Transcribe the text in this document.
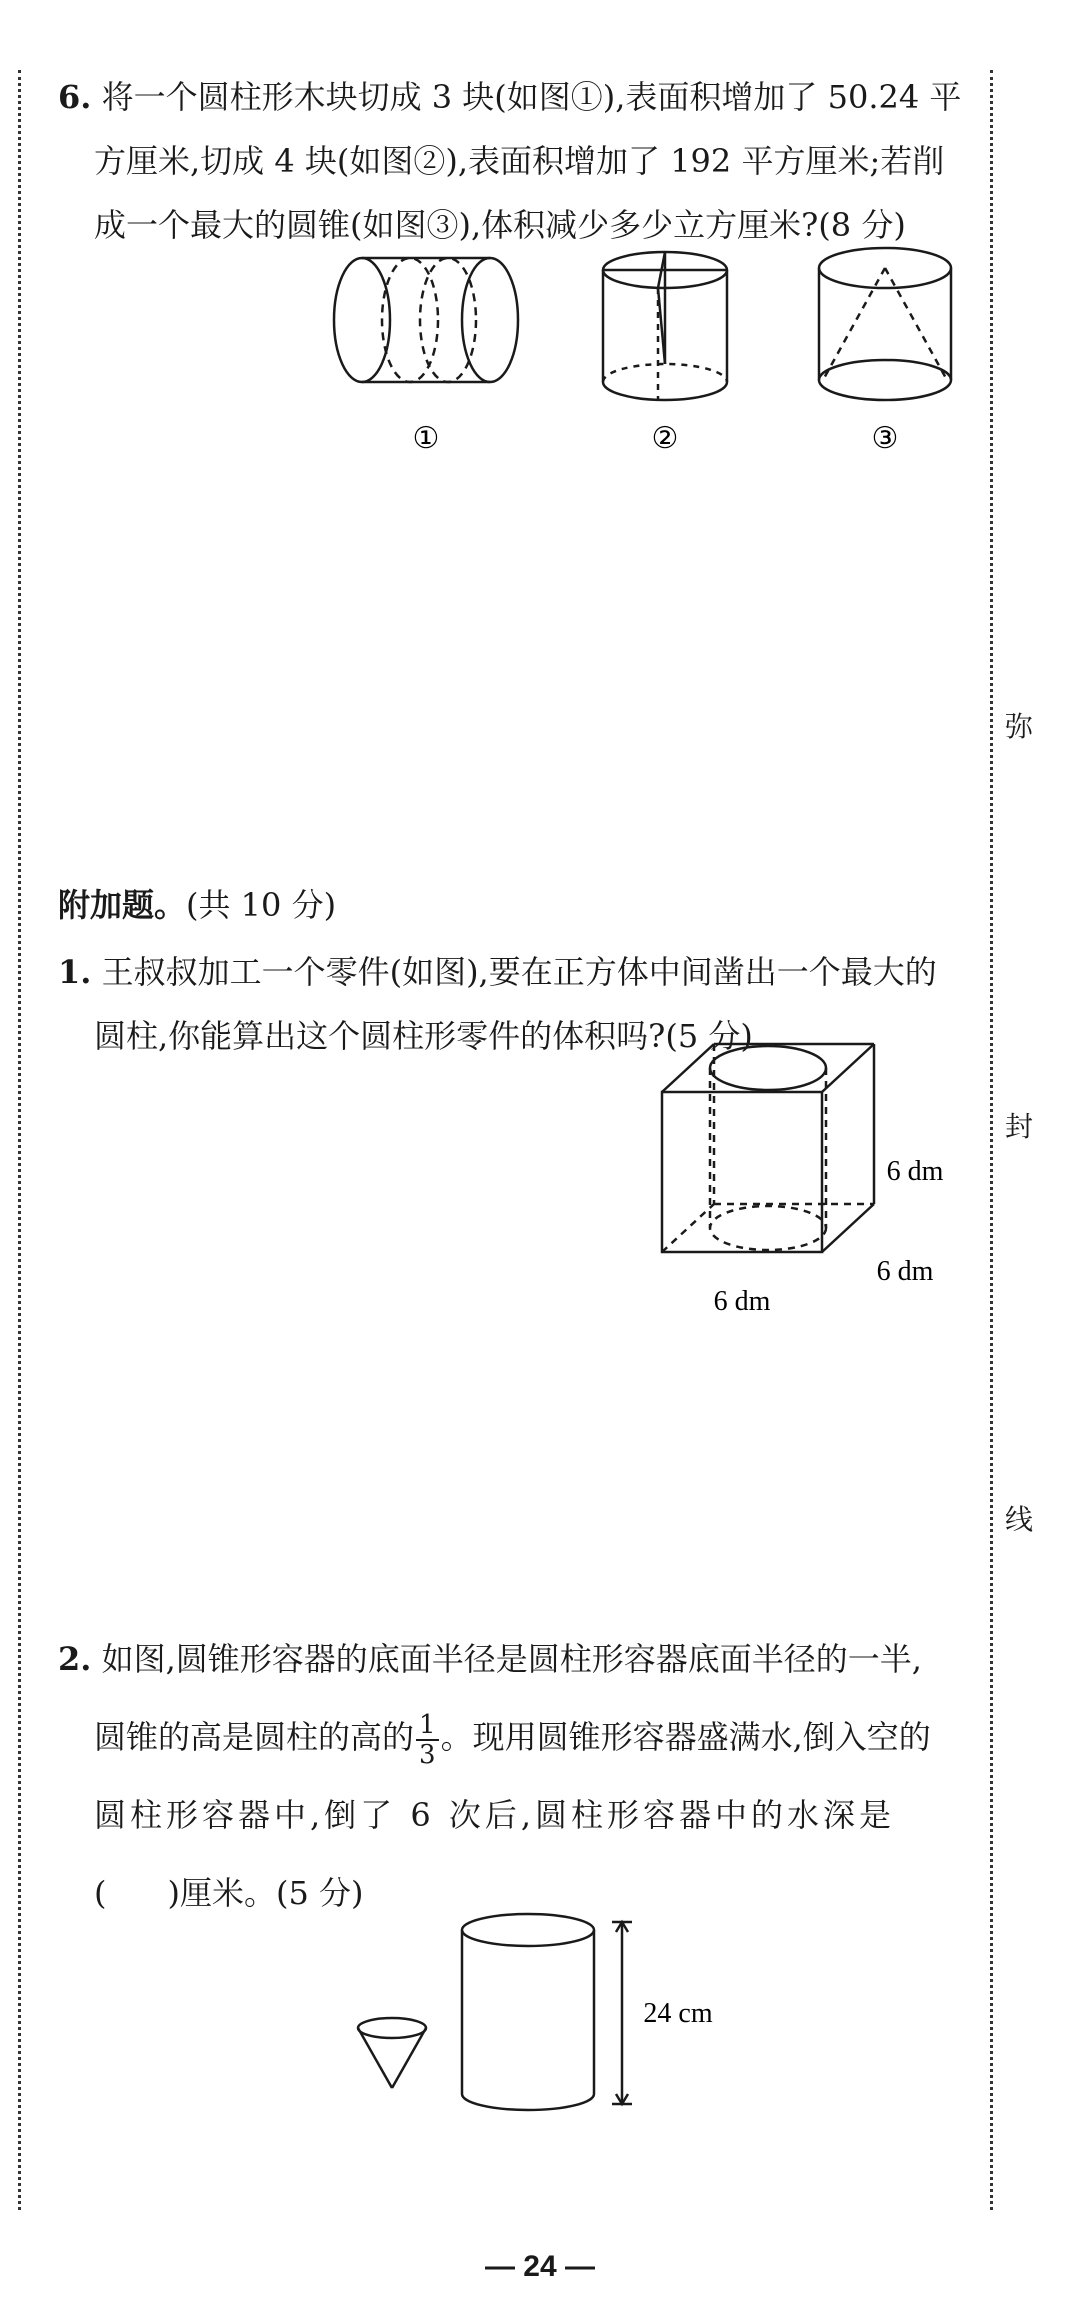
弥
封
线
6. 将一个圆柱形木块切成 3 块(如图①),表面积增加了 50.24 平
方厘米,切成 4 块(如图②),表面积增加了 192 平方厘米;若削
成一个最大的圆锥(如图③),体积减少多少立方厘米?(8 分)
①	②	③
附加题。(共 10 分)
1. 王叔叔加工一个零件(如图),要在正方体中间凿出一个最大的
圆柱,你能算出这个圆柱形零件的体积吗?(5 分)
6 dm
6 dm
6 dm
2. 如图,圆锥形容器的底面半径是圆柱形容器底面半径的一半,
圆锥的高是圆柱的高的 $\frac{1}{3}$ 。现用圆锥形容器盛满水,倒入空的
圆柱形容器中,倒了 6 次后,圆柱形容器中的水深是
(      )厘米。(5 分)
24 cm
— 24 —
